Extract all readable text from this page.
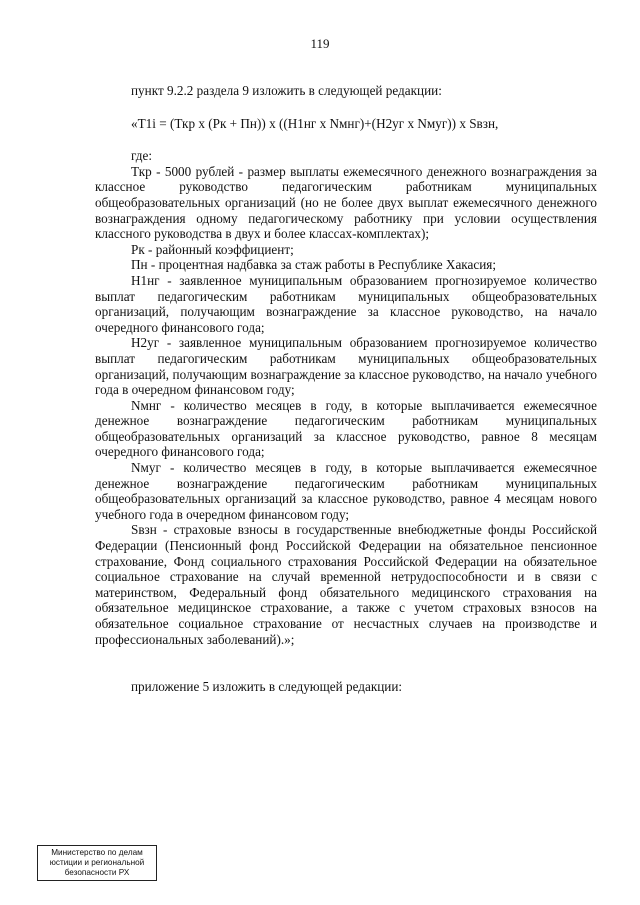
119

пункт 9.2.2 раздела 9 изложить в следующей редакции:

«Т1i = (Ткр х (Рк + Пн)) х ((Н1нг х Nмнг)+(Н2уг х Nмуг)) х Sвзн,

где:

Ткр - 5000 рублей - размер выплаты ежемесячного денежного вознаграждения за классное руководство педагогическим работникам муниципальных общеобразовательных организаций (но не более двух выплат ежемесячного денежного вознаграждения одному педагогическому работнику при условии осуществления классного руководства в двух и более классах-комплектах);

Рк - районный коэффициент;

Пн - процентная надбавка за стаж работы в Республике Хакасия;

Н1нг - заявленное муниципальным образованием прогнозируемое количество выплат педагогическим работникам муниципальных общеобразовательных организаций, получающим вознаграждение за классное руководство, на начало очередного финансового года;

Н2уг - заявленное муниципальным образованием прогнозируемое количество выплат педагогическим работникам муниципальных общеобразовательных организаций, получающим вознаграждение за классное руководство, на начало учебного года в очередном финансовом году;

Nмнг - количество месяцев в году, в которые выплачивается ежемесячное денежное вознаграждение педагогическим работникам муниципальных общеобразовательных организаций за классное руководство, равное 8 месяцам очередного финансового года;

Nмуг - количество месяцев в году, в которые выплачивается ежемесячное денежное вознаграждение педагогическим работникам муниципальных общеобразовательных организаций за классное руководство, равное 4 месяцам нового учебного года в очередном финансовом году;

Sвзн - страховые взносы в государственные внебюджетные фонды Российской Федерации (Пенсионный фонд Российской Федерации на обязательное пенсионное страхование, Фонд социального страхования Российской Федерации на обязательное социальное страхование на случай временной нетрудоспособности и в связи с материнством, Федеральный фонд обязательного медицинского страхования на обязательное медицинское страхование, а также с учетом страховых взносов на обязательное социальное страхование от несчастных случаев на производстве и профессиональных заболеваний).»;

приложение 5 изложить в следующей редакции:

Министерство по делам
юстиции и региональной
безопасности РХ
